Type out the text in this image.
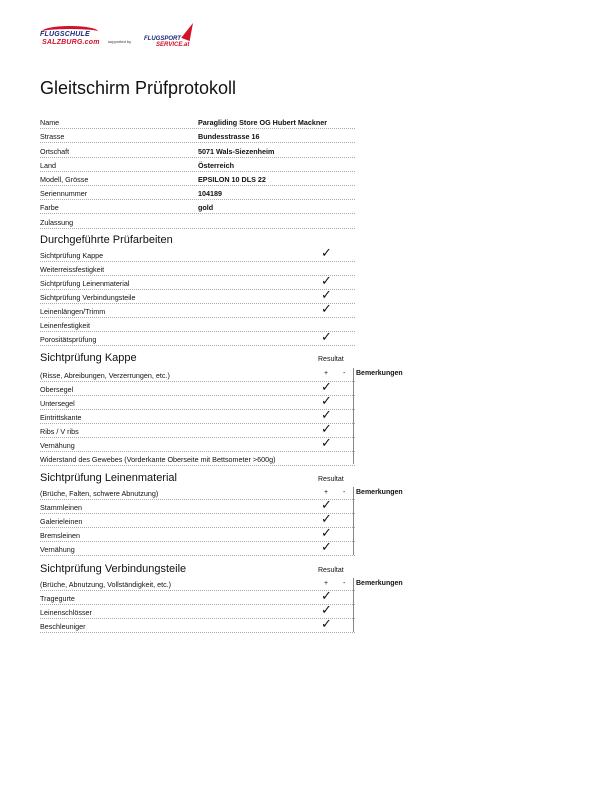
FLUGSCHULE
SALZBURG.com supported by FLUGSPORT
SERVICE.at
Gleitschirm Prüfprotokoll
Name	Paragliding Store OG Hubert Mackner
Strasse	Bundesstrasse 16
Ortschaft	5071 Wals-Siezenheim
Land	Österreich
Modell, Grösse	EPSILON 10 DLS 22
Seriennummer	104189
Farbe	gold
Zulassung
Durchgeführte Prüfarbeiten
Sichtprüfung Kappe	✓
Weiterreissfestigkeit
Sichtprüfung Leinenmaterial	✓
Sichtprüfung Verbindungsteile	✓
Leinenlängen/Trimm	✓
Leinenfestigkeit
Porositätsprüfung	✓
Sichtprüfung Kappe	Resultat
+ - Bemerkungen
(Risse, Abreibungen, Verzerrungen, etc.)
Obersegel	✓
Untersegel	✓
Eintrittskante	✓
Ribs / V ribs	✓
Vernähung	✓
Widerstand des Gewebes (Vorderkante Oberseite mit Bettsometer >600g)
Sichtprüfung Leinenmaterial	Resultat
+ - Bemerkungen
(Brüche, Falten, schwere Abnutzung)
Stammleinen	✓
Galerieleinen	✓
Bremsleinen	✓
Vernähung	✓
Sichtprüfung Verbindungsteile	Resultat
+ - Bemerkungen
(Brüche, Abnutzung, Vollständigkeit, etc.)
Tragegurte	✓
Leinenschlösser	✓
Beschleuniger	✓
